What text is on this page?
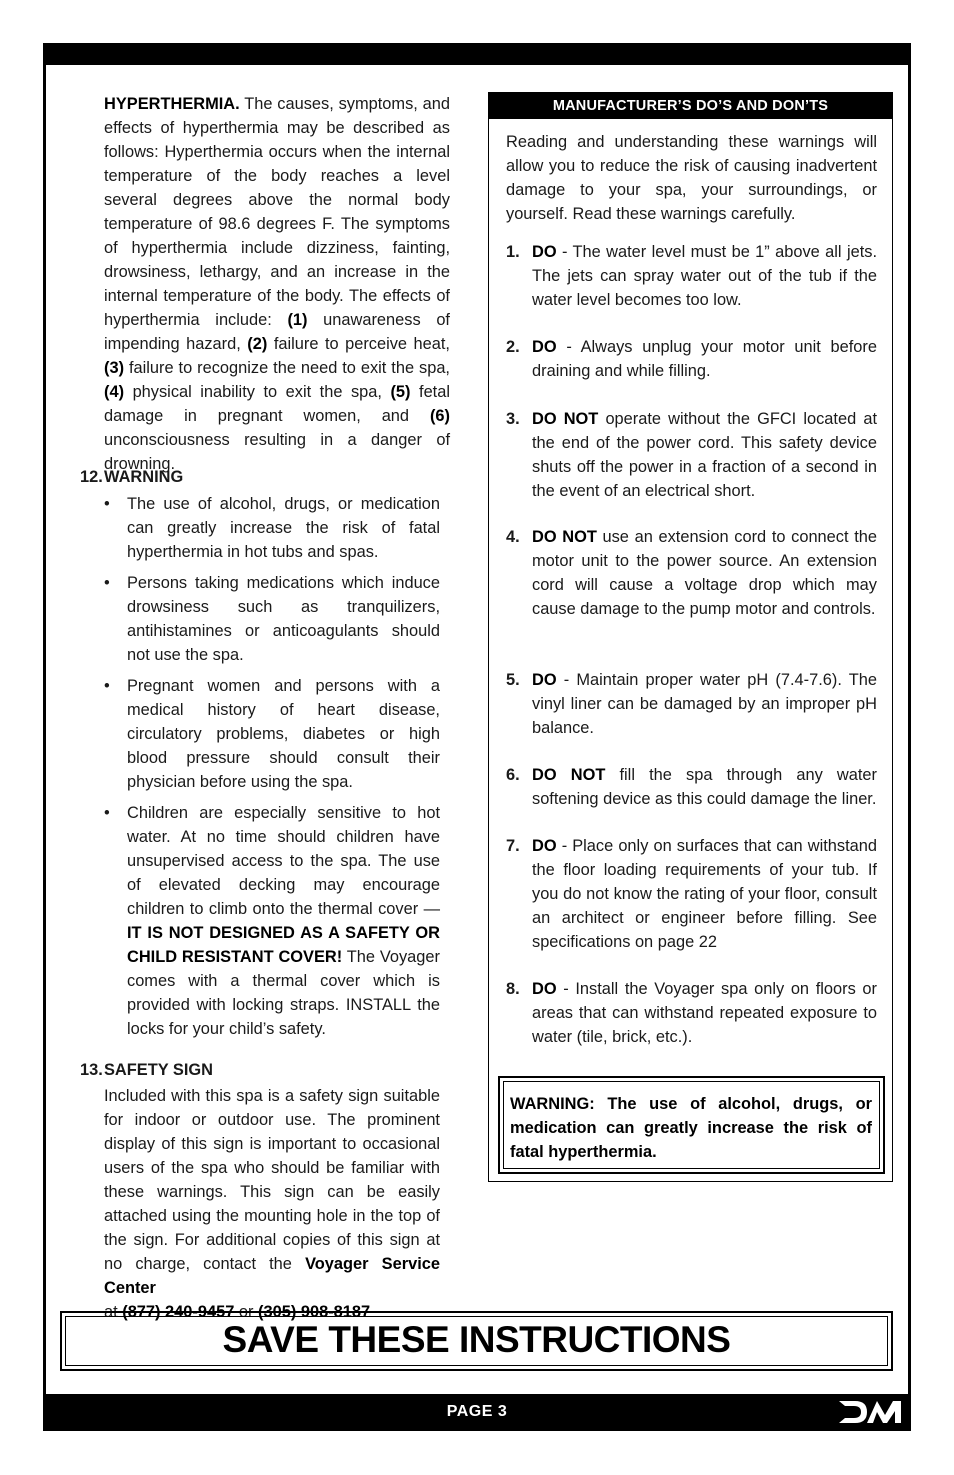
HYPERTHERMIA. The causes, symptoms, and effects of hyperthermia may be described as follows: Hyperthermia occurs when the internal temperature of the body reaches a level several degrees above the normal body temperature of 98.6 degrees F. The symptoms of hyperthermia include dizziness, fainting, drowsiness, lethargy, and an increase in the internal temperature of the body. The effects of hyperthermia include: (1) unawareness of impending hazard, (2) failure to perceive heat, (3) failure to recognize the need to exit the spa, (4) physical inability to exit the spa, (5) fetal damage in pregnant women, and (6) unconsciousness resulting in a danger of drowning.

12.WARNING
• The use of alcohol, drugs, or medication can greatly increase the risk of fatal hyperthermia in hot tubs and spas.
• Persons taking medications which induce drowsiness such as tranquilizers, antihistamines or anticoagulants should not use the spa.
• Pregnant women and persons with a medical history of heart disease, circulatory problems, diabetes or high blood pressure should consult their physician before using the spa.
• Children are especially sensitive to hot water. At no time should children have unsupervised access to the spa. The use of elevated decking may encourage children to climb onto the thermal cover — IT IS NOT DESIGNED AS A SAFETY OR CHILD RESISTANT COVER! The Voyager comes with a thermal cover which is provided with locking straps. INSTALL the locks for your child’s safety.
13.SAFETY SIGN

Included with this spa is a safety sign suitable for indoor or outdoor use. The prominent display of this sign is important to occasional users of the spa who should be familiar with these warnings. This sign can be easily attached using the mounting hole in the top of the sign. For additional copies of this sign at no charge, contact the Voyager Service Center
at (877) 240-9457 or (305) 908-8187

MANUFACTURER’S DO’S AND DON’TS

Reading and understanding these warnings will allow you to reduce the risk of causing inadvertent damage to your spa, your surroundings, or yourself. Read these warnings carefully.

1. DO - The water level must be 1” above all jets. The jets can spray water out of the tub if the water level becomes too low.
2. DO - Always unplug your motor unit before draining and while filling.
3. DO NOT operate without the GFCI located at the end of the power cord. This safety device shuts off the power in a fraction of a second in the event of an electrical short.
4. DO NOT use an extension cord to connect the motor unit to the power source. An extension cord will cause a voltage drop which may cause damage to the pump motor and controls.
5. DO - Maintain proper water pH (7.4-7.6). The vinyl liner can be damaged by an improper pH balance.
6. DO NOT fill the spa through any water softening device as this could damage the liner.
7. DO - Place only on surfaces that can withstand the floor loading requirements of your tub. If you do not know the rating of your floor, consult an architect or engineer before filling. See specifications on page 22
8. DO - Install the Voyager spa only on floors or areas that can withstand repeated exposure to water (tile, brick, etc.).
WARNING: The use of alcohol, drugs, or medication can greatly increase the risk of fatal hyperthermia.
SAVE THESE INSTRUCTIONS
PAGE 3
